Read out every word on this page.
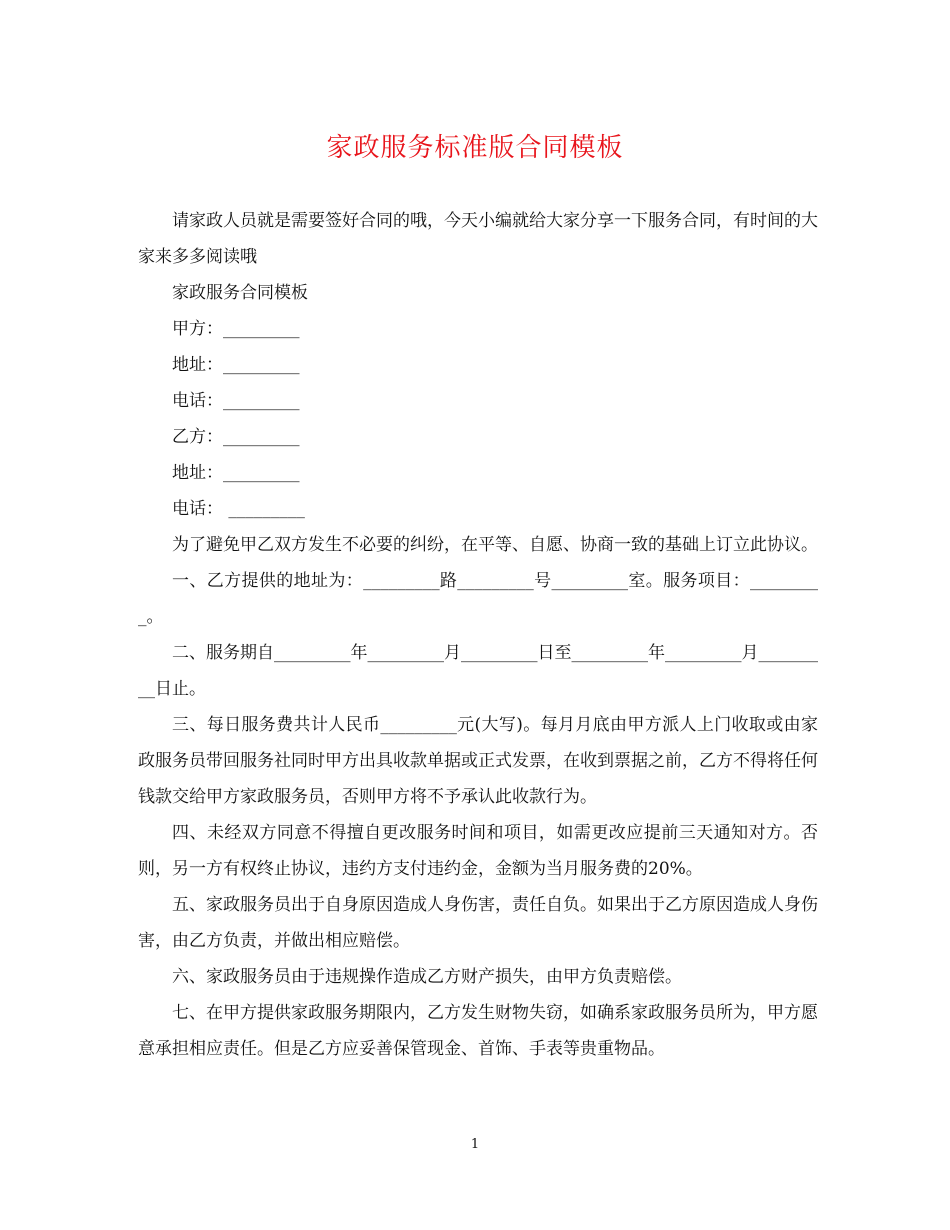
家政服务标准版合同模板

请家政人员就是需要签好合同的哦，今天小编就给大家分享一下服务合同，有时间的大家来多多阅读哦

家政服务合同模板

甲方：_________

地址：_________

电话：_________

乙方：_________

地址：_________

电话： _________

为了避免甲乙双方发生不必要的纠纷，在平等、自愿、协商一致的基础上订立此协议。

一、乙方提供的地址为：_________路_________号_________室。服务项目：_________。

二、服务期自_________年_________月_________日至_________年_________月_________日止。

三、每日服务费共计人民币_________元(大写)。每月月底由甲方派人上门收取或由家政服务员带回服务社同时甲方出具收款单据或正式发票，在收到票据之前，乙方不得将任何钱款交给甲方家政服务员，否则甲方将不予承认此收款行为。

四、未经双方同意不得擅自更改服务时间和项目，如需更改应提前三天通知对方。否则，另一方有权终止协议，违约方支付违约金，金额为当月服务费的20%。

五、家政服务员出于自身原因造成人身伤害，责任自负。如果出于乙方原因造成人身伤害，由乙方负责，并做出相应赔偿。

六、家政服务员由于违规操作造成乙方财产损失，由甲方负责赔偿。

七、在甲方提供家政服务期限内，乙方发生财物失窃，如确系家政服务员所为，甲方愿意承担相应责任。但是乙方应妥善保管现金、首饰、手表等贵重物品。

1
